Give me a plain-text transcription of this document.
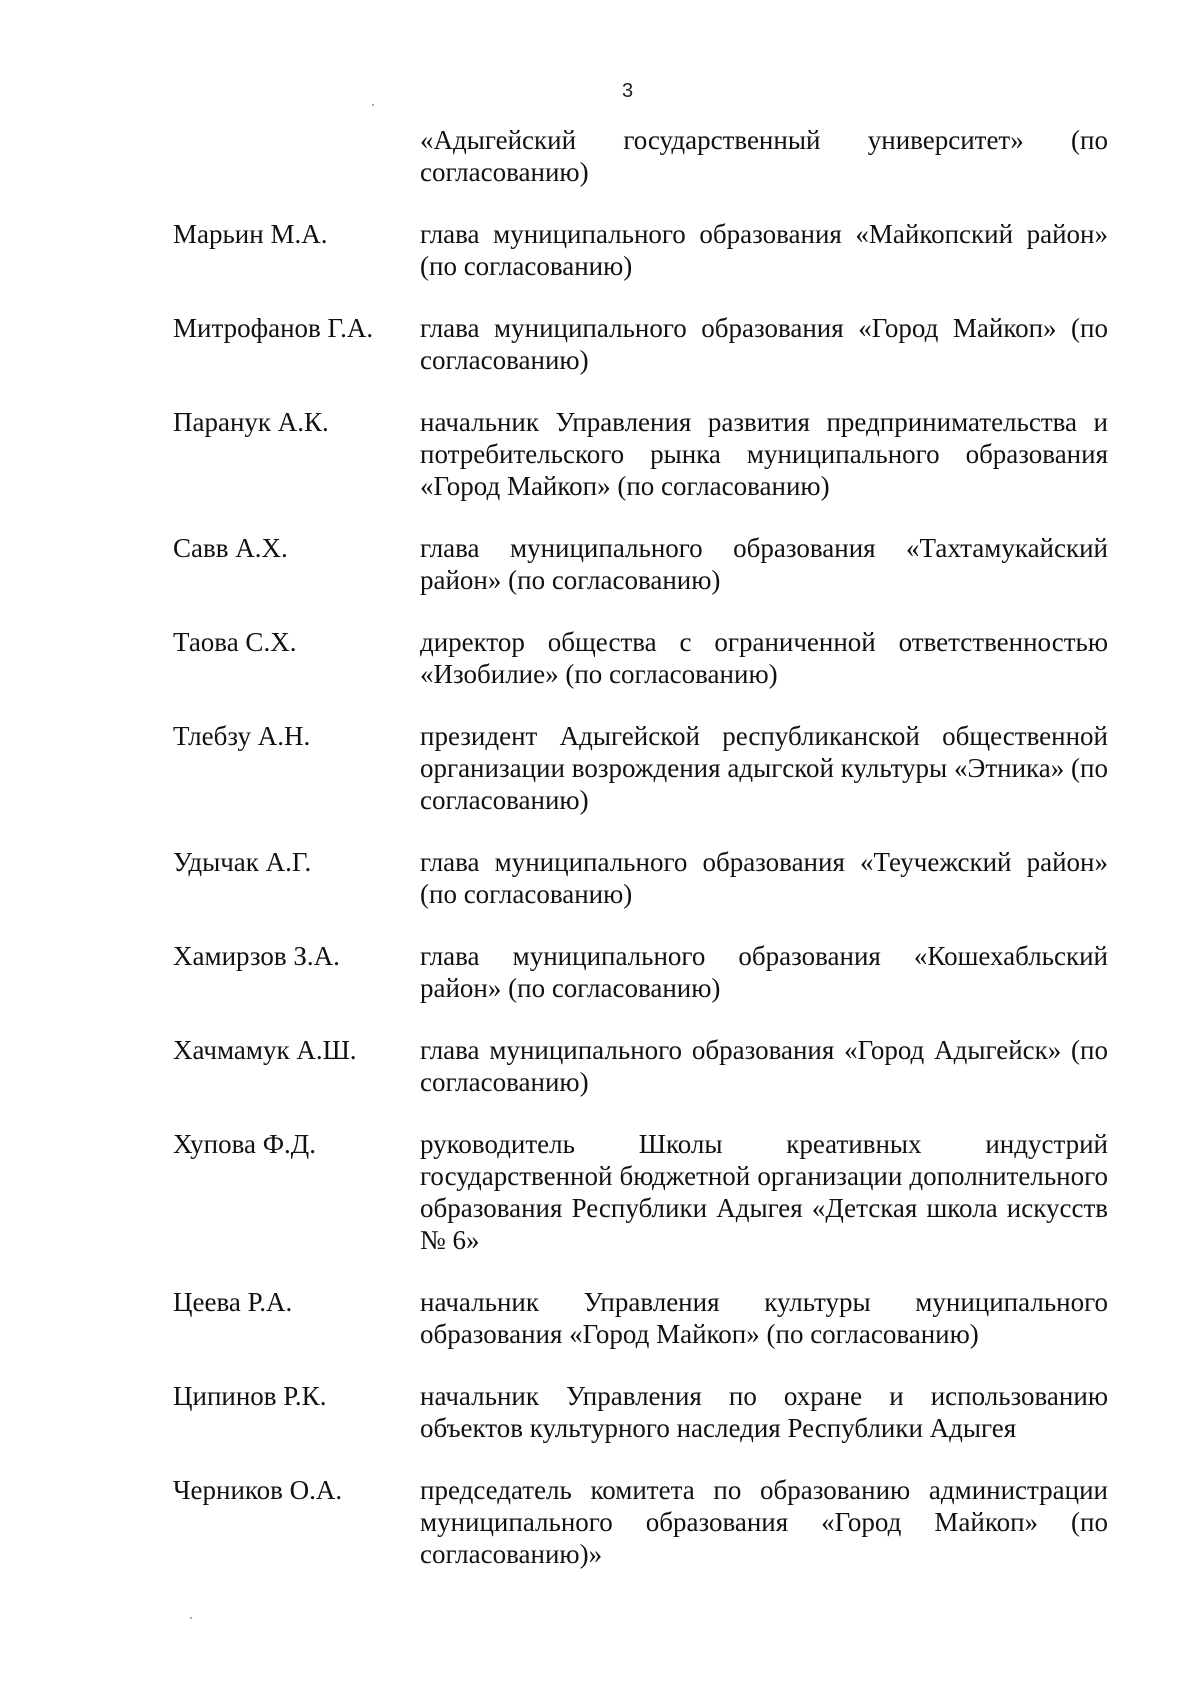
3
«Адыгейский государственный университет» (по согласованию)
Марьин М.А.	глава муниципального образования «Майкопский район» (по согласованию)
Митрофанов Г.А.	глава муниципального образования «Город Майкоп» (по согласованию)
Паранук А.К.	начальник Управления развития предпринимательства и потребительского рынка муниципального образования «Город Майкоп» (по согласованию)
Савв А.Х.	глава муниципального образования «Тахтамукайский район» (по согласованию)
Таова С.Х.	директор общества с ограниченной ответственностью «Изобилие» (по согласованию)
Тлебзу А.Н.	президент Адыгейской республиканской общественной организации возрождения адыгской культуры «Этника» (по согласованию)
Удычак А.Г.	глава муниципального образования «Теучежский район» (по согласованию)
Хамирзов З.А.	глава муниципального образования «Кошехабльский район» (по согласованию)
Хачмамук А.Ш.	глава муниципального образования «Город Адыгейск» (по согласованию)
Хупова Ф.Д.	руководитель Школы креативных индустрий государственной бюджетной организации дополнительного образования Республики Адыгея «Детская школа искусств № 6»
Цеева Р.А.	начальник Управления культуры муниципального образования «Город Майкоп» (по согласованию)
Ципинов Р.К.	начальник Управления по охране и использованию объектов культурного наследия Республики Адыгея
Черников О.А.	председатель комитета по образованию администрации муниципального образования «Город Майкоп» (по согласованию)»
